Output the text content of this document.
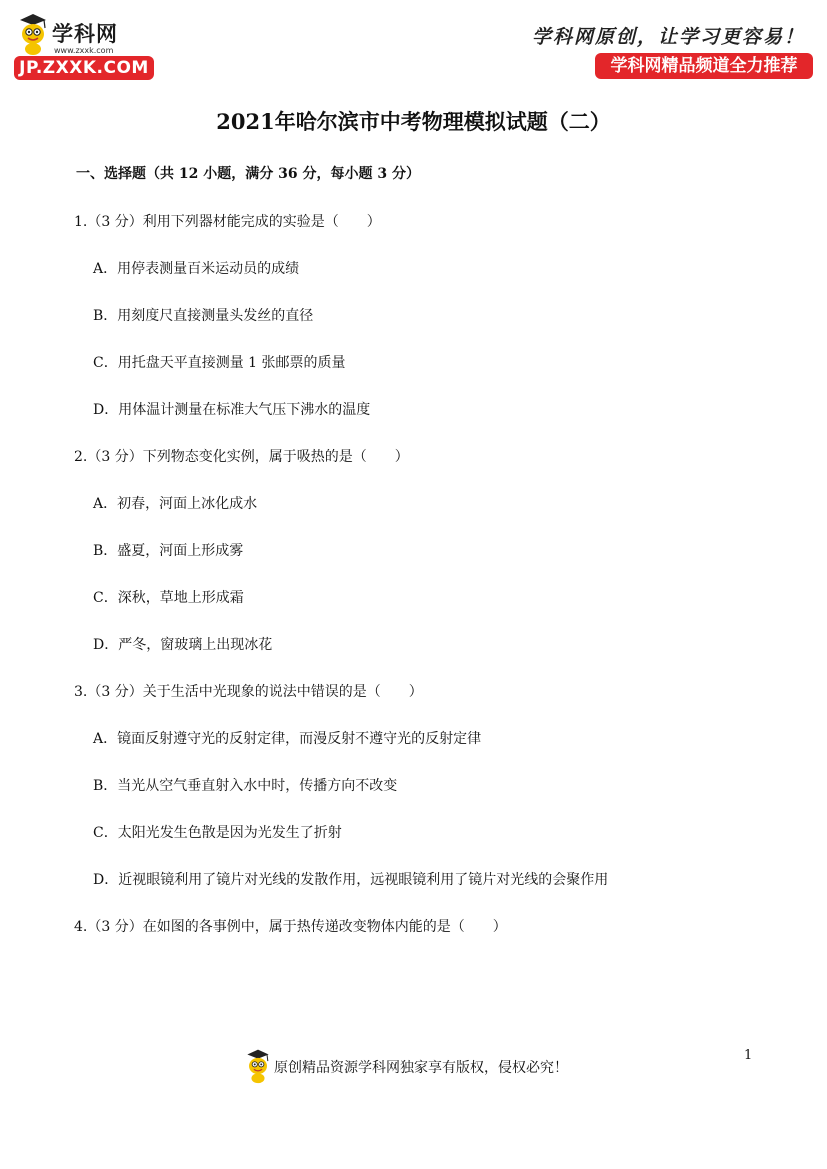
学科网
www.zxxk.com
JP.ZXXK.COM
学科网原创，让学习更容易！
学科网精品频道全力推荐
2021年哈尔滨市中考物理模拟试题（二）
一、选择题（共 12 小题，满分 36 分，每小题 3 分）
1.（3 分）利用下列器材能完成的实验是（　　）
A．用停表测量百米运动员的成绩
B．用刻度尺直接测量头发丝的直径
C．用托盘天平直接测量 1 张邮票的质量
D．用体温计测量在标准大气压下沸水的温度
2.（3 分）下列物态变化实例，属于吸热的是（　　）
A．初春，河面上冰化成水
B．盛夏，河面上形成雾
C．深秋，草地上形成霜
D．严冬，窗玻璃上出现冰花
3.（3 分）关于生活中光现象的说法中错误的是（　　）
A．镜面反射遵守光的反射定律，而漫反射不遵守光的反射定律
B．当光从空气垂直射入水中时，传播方向不改变
C．太阳光发生色散是因为光发生了折射
D．近视眼镜利用了镜片对光线的发散作用，远视眼镜利用了镜片对光线的会聚作用
4.（3 分）在如图的各事例中，属于热传递改变物体内能的是（　　）
原创精品资源学科网独家享有版权，侵权必究！
1
